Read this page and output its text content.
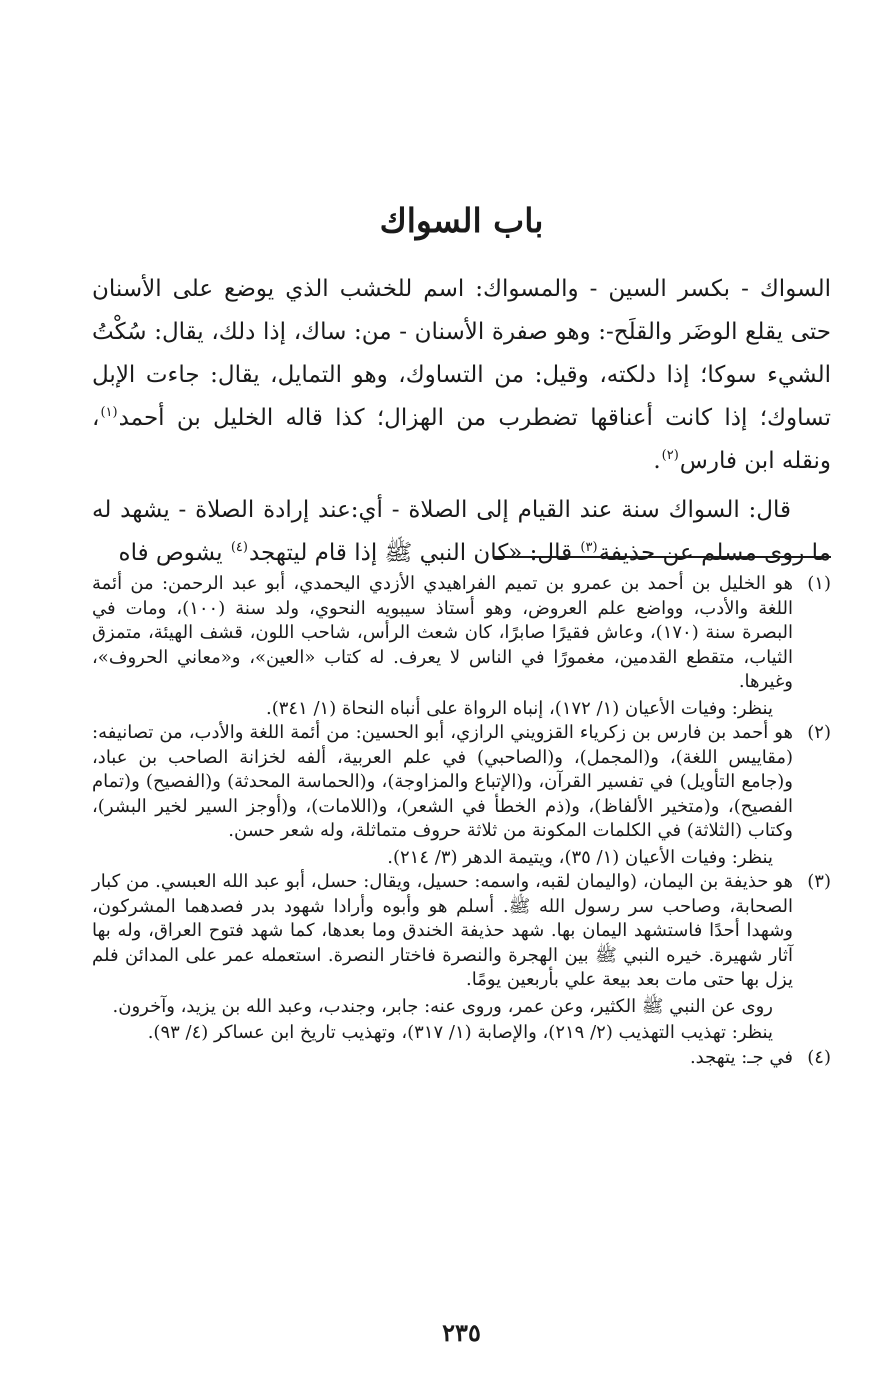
باب السواك

السواك - بكسر السين - والمسواك: اسم للخشب الذي يوضع على الأسنان حتى يقلع الوضَر والقلَح-: وهو صفرة الأسنان - من: ساك، إذا دلك، يقال: سُكْتُ الشيء سوكا؛ إذا دلكته، وقيل: من التساوك، وهو التمايل، يقال: جاءت الإبل تساوك؛ إذا كانت أعناقها تضطرب من الهزال؛ كذا قاله الخليل بن أحمد$^{(١)}$، ونقله ابن فارس$^{(٢)}$.

قال: السواك سنة عند القيام إلى الصلاة - أي:عند إرادة الصلاة - يشهد له ما روى مسلم عن حذيفة$^{(٣)}$ قال: «كان النبي ﷺ إذا قام ليتهجد$^{(٤)}$ يشوص فاه

(١)

هو الخليل بن أحمد بن عمرو بن تميم الفراهيدي الأزدي اليحمدي، أبو عبد الرحمن: من أئمة اللغة والأدب، وواضع علم العروض، وهو أستاذ سيبويه النحوي، ولد سنة (١٠٠)، ومات في البصرة سنة (١٧٠)، وعاش فقيرًا صابرًا، كان شعث الرأس، شاحب اللون، قشف الهيئة، متمزق الثياب، متقطع القدمين، مغمورًا في الناس لا يعرف. له كتاب «العين»، و«معاني الحروف»، وغيرها.

ينظر: وفيات الأعيان (١/ ١٧٢)، إنباه الرواة على أنباه النحاة (١/ ٣٤١).

(٢)

هو أحمد بن فارس بن زكرياء القزويني الرازي، أبو الحسين: من أئمة اللغة والأدب، من تصانيفه: (مقاييس اللغة)، و(المجمل)، و(الصاحبي) في علم العربية، ألفه لخزانة الصاحب بن عباد، و(جامع التأويل) في تفسير القرآن، و(الإتباع والمزاوجة)، و(الحماسة المحدثة) و(الفصيح) و(تمام الفصيح)، و(متخير الألفاظ)، و(ذم الخطأ في الشعر)، و(اللامات)، و(أوجز السير لخير البشر)، وكتاب (الثلاثة) في الكلمات المكونة من ثلاثة حروف متماثلة، وله شعر حسن.

ينظر: وفيات الأعيان (١/ ٣٥)، ويتيمة الدهر (٣/ ٢١٤).

(٣)

هو حذيفة بن اليمان، (واليمان لقبه، واسمه: حسيل، ويقال: حسل، أبو عبد الله العبسي. من كبار الصحابة، وصاحب سر رسول الله ﷺ. أسلم هو وأبوه وأرادا شهود بدر فصدهما المشركون، وشهدا أحدًا فاستشهد اليمان بها. شهد حذيفة الخندق وما بعدها، كما شهد فتوح العراق، وله بها آثار شهيرة. خيره النبي ﷺ بين الهجرة والنصرة فاختار النصرة. استعمله عمر على المدائن فلم يزل بها حتى مات بعد بيعة علي بأربعين يومًا.

روى عن النبي ﷺ الكثير، وعن عمر، وروى عنه: جابر، وجندب، وعبد الله بن يزيد، وآخرون.

ينظر: تهذيب التهذيب (٢/ ٢١٩)، والإصابة (١/ ٣١٧)، وتهذيب تاريخ ابن عساكر (٤/ ٩٣).

(٤)

في جـ: يتهجد.

٢٣٥
